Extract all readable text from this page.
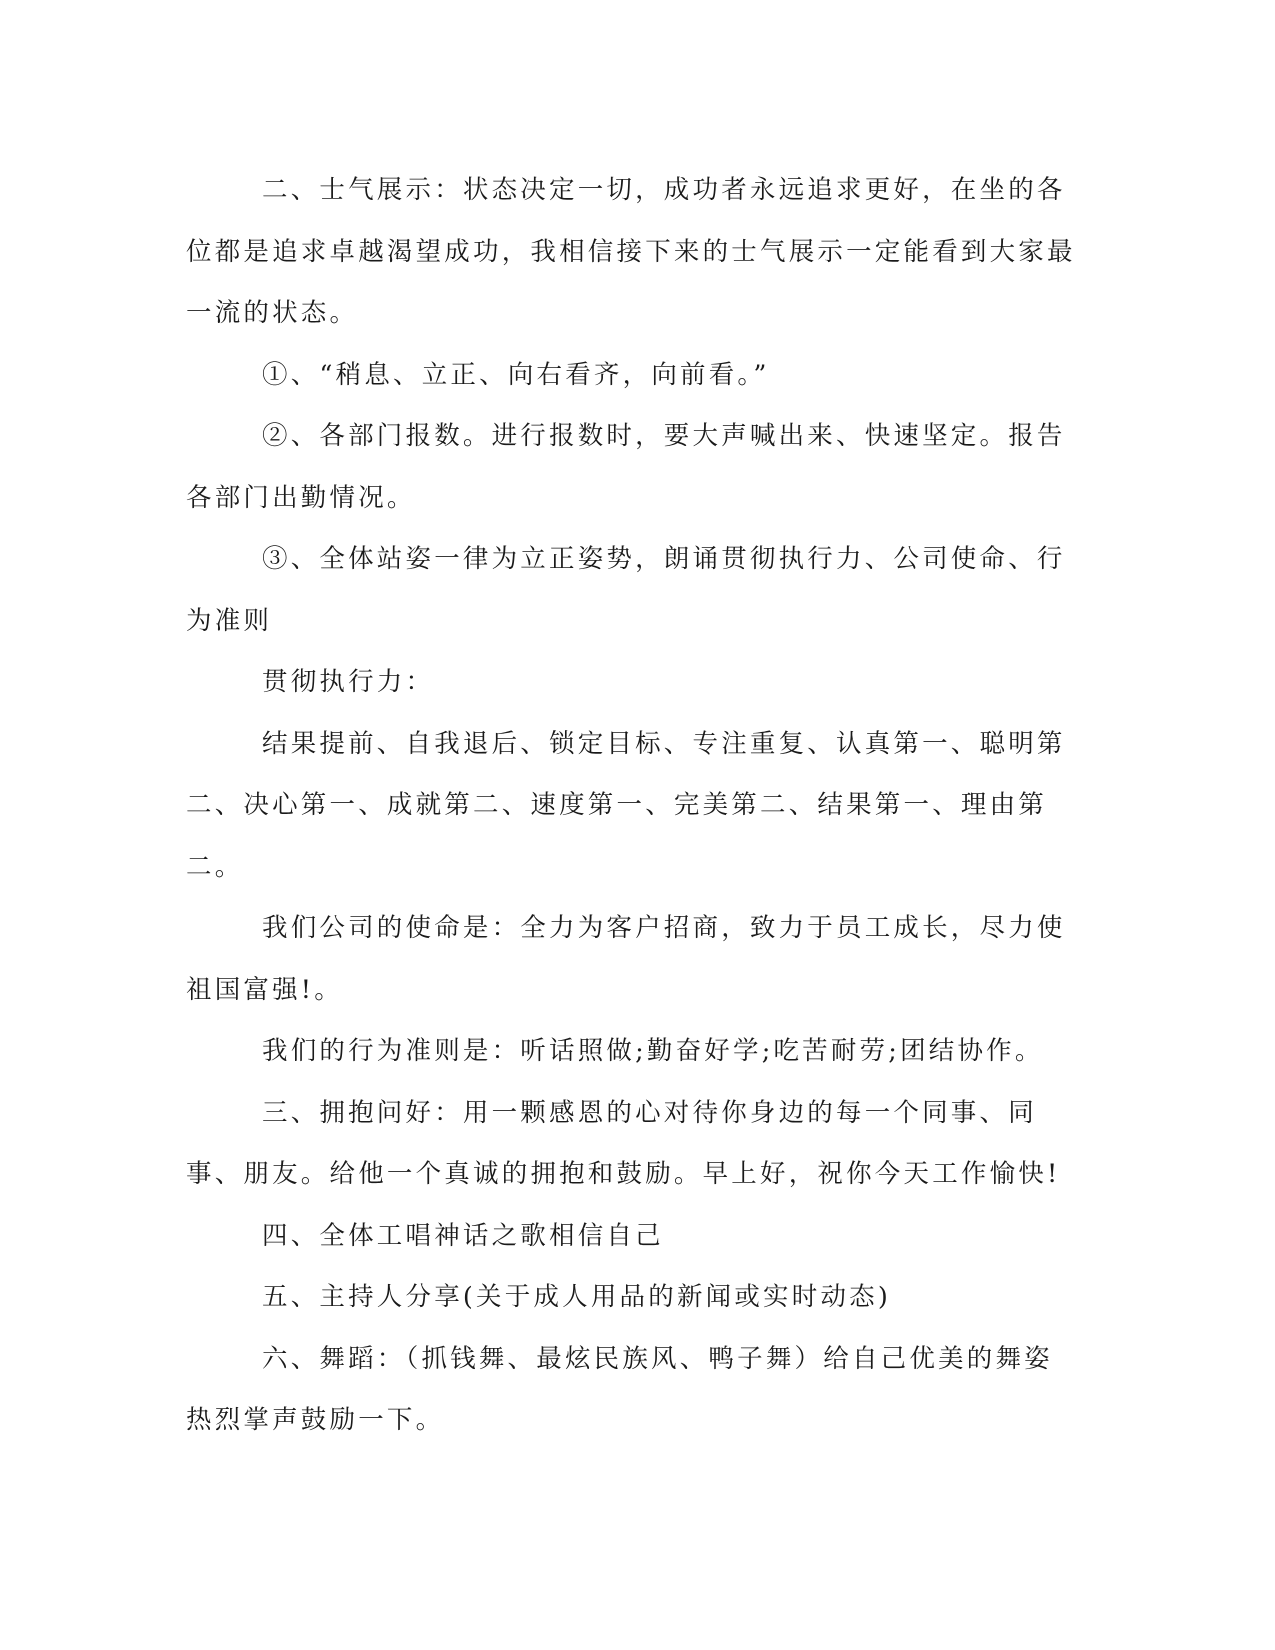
二、士气展示：状态决定一切，成功者永远追求更好，在坐的各位都是追求卓越渴望成功，我相信接下来的士气展示一定能看到大家最一流的状态。

①、“稍息、立正、向右看齐，向前看。”

②、各部门报数。进行报数时，要大声喊出来、快速坚定。报告各部门出勤情况。

③、全体站姿一律为立正姿势，朗诵贯彻执行力、公司使命、行为准则

贯彻执行力：

结果提前、自我退后、锁定目标、专注重复、认真第一、聪明第二、决心第一、成就第二、速度第一、完美第二、结果第一、理由第二。

我们公司的使命是：全力为客户招商，致力于员工成长，尽力使祖国富强!。

我们的行为准则是：听话照做;勤奋好学;吃苦耐劳;团结协作。

三、拥抱问好：用一颗感恩的心对待你身边的每一个同事、同事、朋友。给他一个真诚的拥抱和鼓励。早上好，祝你今天工作愉快!

四、全体工唱神话之歌相信自己

五、主持人分享(关于成人用品的新闻或实时动态)

六、舞蹈：（抓钱舞、最炫民族风、鸭子舞）给自己优美的舞姿热烈掌声鼓励一下。
